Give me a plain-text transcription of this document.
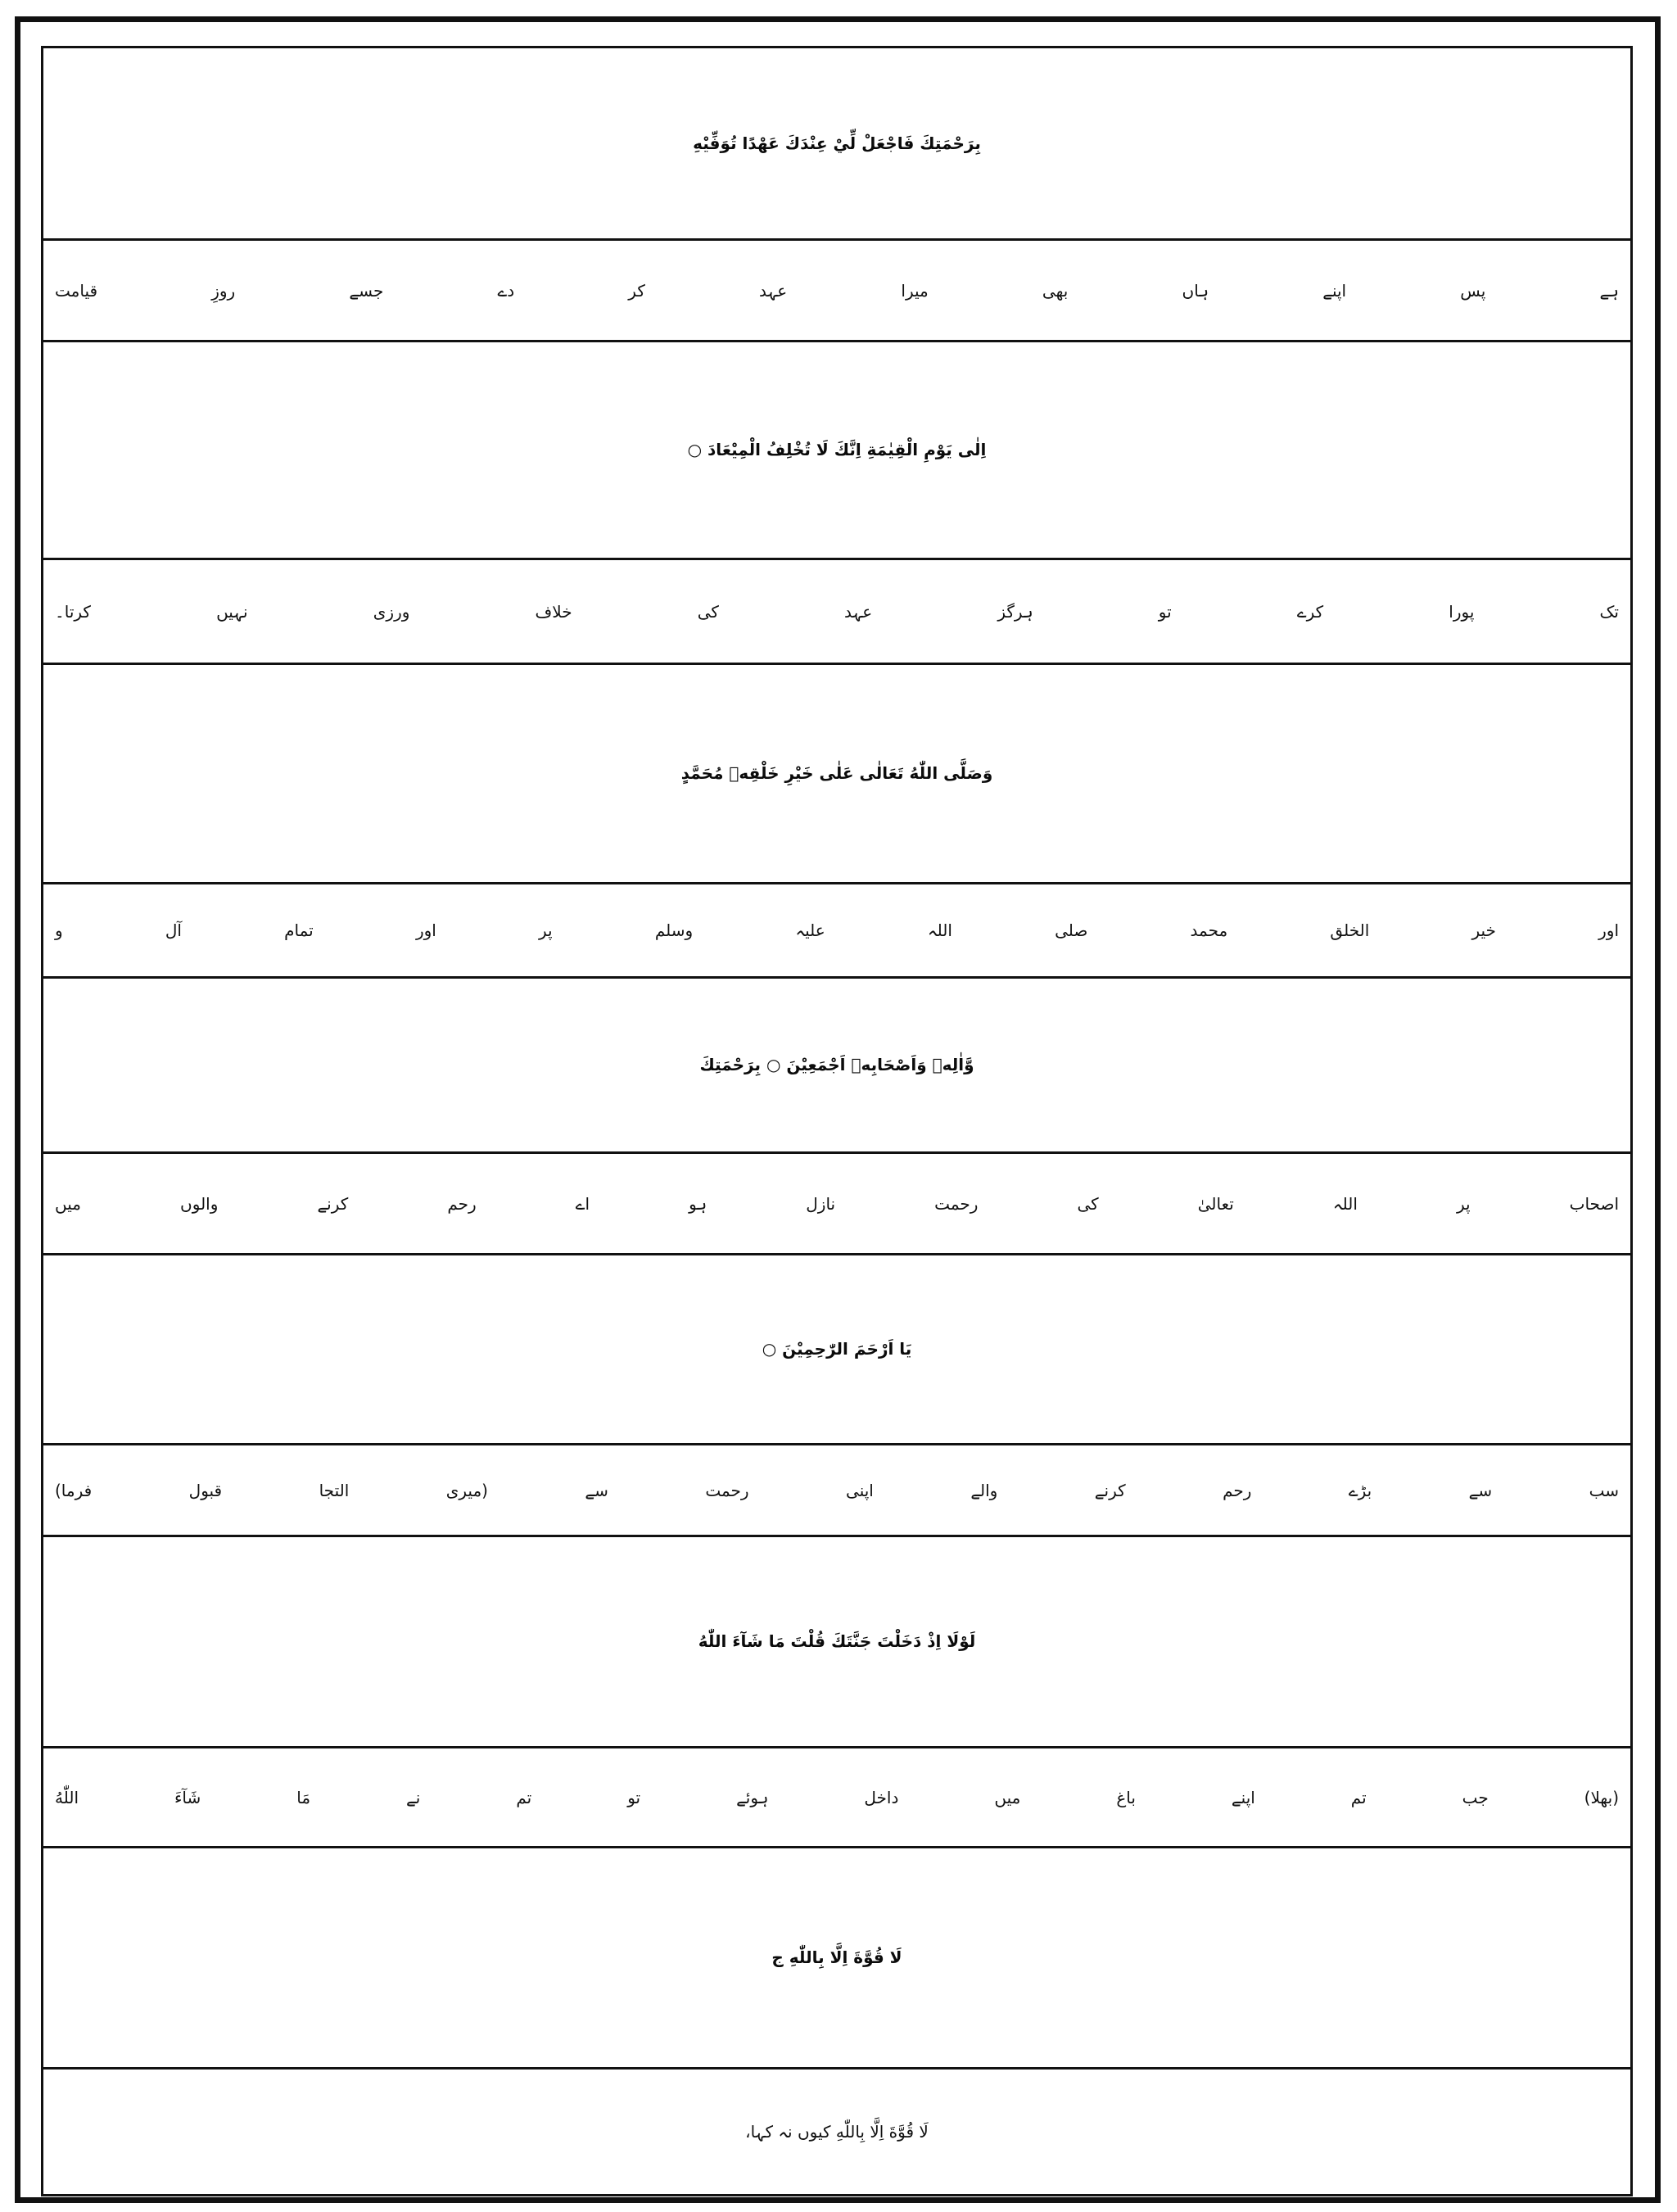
بِرَحْمَتِكَ فَاجْعَلْ لِّيْ عِنْدَكَ عَهْدًا تُوَفِّيْهِ
ہے پس اپنے ہاں بھی میرا عہد کر دے جسے روزِ قیامت
اِلٰى يَوْمِ الْقِيٰمَةِ اِنَّكَ لَا تُخْلِفُ الْمِيْعَادَ ○
تک پورا کرے تو ہرگز عہد کی خلاف ورزی نہیں کرتا۔
وَصَلَّى اللّٰهُ تَعَالٰى عَلٰى خَيْرِ خَلْقِهٖ مُحَمَّدٍ
اور خیر الخلق محمد صلی اللہ علیہ وسلم پر اور تمام آل و
وَّاٰلِهٖ وَاَصْحَابِهٖ اَجْمَعِيْنَ ○ بِرَحْمَتِكَ
اصحاب پر اللہ تعالیٰ کی رحمت نازل ہو اے رحم کرنے والوں میں
يَا اَرْحَمَ الرّٰحِمِيْنَ ○
سب سے بڑے رحم کرنے والے اپنی رحمت سے (میری التجا قبول فرما)
لَوْلَا اِذْ دَخَلْتَ جَنَّتَكَ قُلْتَ مَا شَآءَ اللّٰهُ
(بھلا) جب تم اپنے باغ میں داخل ہوئے تو تم نے مَا شَآءَ اللّٰهُ
لَا قُوَّةَ اِلَّا بِاللّٰهِ ج
لَا قُوَّةَ اِلَّا بِاللّٰهِ کیوں نہ کہا،
